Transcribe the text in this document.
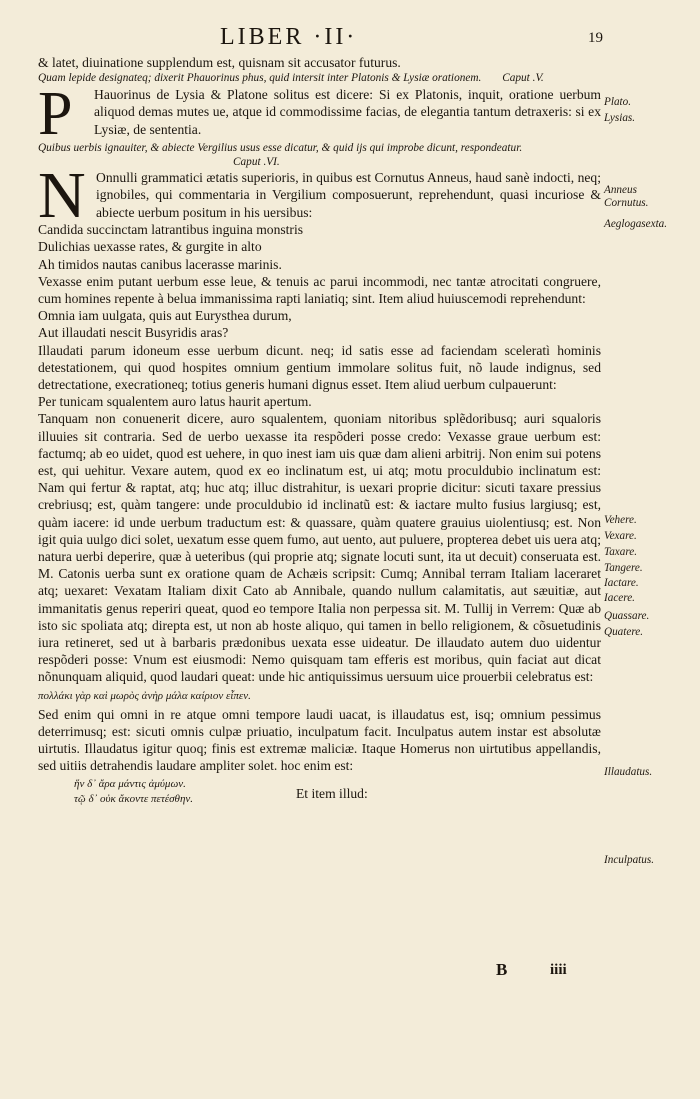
LIBER ·II·	19

& latet, diuinatione supplendum est, quisnam sit accusator futurus.

Quam lepide designateq; dixerit Phauorinus phus, quid intersit inter Platonis & Lysiæ orationem. Caput .V.

P	Hauorinus de Lysia & Platone solitus est dicere: Si ex Platonis, inquit, oratione uerbum aliquod demas mutes ue, atque id commodissime facias, de elegantia tantum detraxeris: si ex Lysiæ, de sententia.

Quibus uerbis ignauiter, & abiecte Vergilius usus esse dicatur, & quid ijs qui improbe dicunt, respondeatur.
Caput .VI.

N Onnulli grammatici ætatis superioris, in quibus est Cornutus Anneus, haud sanè indocti, neq; ignobiles, qui commentaria in Vergilium composuerunt, reprehendunt, quasi incuriose & abiecte uerbum positum in his uersibus:

Candida succinctam latrantibus inguina monstris

Dulichias uexasse rates, & gurgite in alto

Ah timidos nautas canibus lacerasse marinis.

Vexasse enim putant uerbum esse leue, & tenuis ac parui incommodi, nec tantæ atrocitati congruere, cum homines repente à belua immanissima rapti laniatiq; sint. Item aliud huiuscemodi reprehendunt:

Omnia iam uulgata, quis aut Eurysthea durum,

Aut illaudati nescit Busyridis aras?

Illaudati parum idoneum esse uerbum dicunt. neq; id satis esse ad faciendam sceleratì hominis detestationem, qui quod hospites omnium gentium immolare solitus fuit, nõ laude indignus, sed detrectatione, execrationeq; totius generis humani dignus esset. Item aliud uerbum culpauerunt:

Per tunicam squalentem auro latus haurit apertum.

Tanquam non conuenerit dicere, auro squalentem, quoniam nitoribus splẽdoribusq; auri squaloris illuuies sit contraria. Sed de uerbo uexasse ita respõderi posse credo: Vexasse graue uerbum est: factumq; ab eo uidet, quod est uehere, in quo inest iam uis quæ dam alieni arbitrij. Non enim sui potens est, qui uehitur. Vexare autem, quod ex eo inclinatum est, ui atq; motu proculdubio inclinatum est: Nam qui fertur & raptat, atq; huc atq; illuc distrahitur, is uexari proprie dicitur: sicuti taxare pressius crebriusq; est, quàm tangere: unde proculdubio id inclinatũ est: & iactare multo fusius largiusq; est, quàm iacere: id unde uerbum traductum est: & quassare, quàm quatere grauius uiolentiusq; est. Non igit quia uulgo dici solet, uexatum esse quem fumo, aut uento, aut puluere, propterea debet uis uera atq; natura uerbi deperire, quæ à ueteribus (qui proprie atq; signate locuti sunt, ita ut decuit) conseruata est. M. Catonis uerba sunt ex oratione quam de Achæis scripsit: Cumq; Annibal terram Italiam laceraret atq; uexaret: Vexatam Italiam dixit Cato ab Annibale, quando nullum calamitatis, aut sæuitiæ, aut immanitatis genus reperiri queat, quod eo tempore Italia non perpessa sit. M. Tullij in Verrem: Quæ ab isto sic spoliata atq; direpta est, ut non ab hoste aliquo, qui tamen in bello religionem, & cõsuetudinis iura retineret, sed ut à barbaris prædonibus uexata esse uideatur. De illaudato autem duo uidentur respõderi posse: Vnum est eiusmodi: Nemo quisquam tam efferis est moribus, quin faciat aut dicat nõnunquam aliquid, quod laudari queat: unde hic antiquissimus uersuum uice prouerbii celebratus est:

πολλάκι γὰρ καὶ μωρὸς ἀνὴρ μάλα καίριον εἶπεν.

Sed enim qui omni in re atque omni tempore laudi uacat, is illaudatus est, isq; omnium pessimus deterrimusq; est: sicuti omnis culpæ priuatio, inculpatum facit. Inculpatus autem instar est absolutæ uirtutis. Illaudatus igitur quoq; finis est extremæ maliciæ. Itaque Homerus non uirtutibus appellandis, sed uitiis detrahendis laudare ampliter solet. hoc enim est:

ἥν δ᾽ ἄρα μάντις ἀμύμων.
τῷ δ᾽ οὐκ ἄκοντε πετέσθην.	Et item illud:
B	iiii
Plato.
Lysias.
Anneus Cornutus.
Aeglogasexta.
Vehere.
Vexare.
Taxare.
Tangere.
Iactare.
Iacere.
Quassare.
Quatere.
Illaudatus.
Inculpatus.
